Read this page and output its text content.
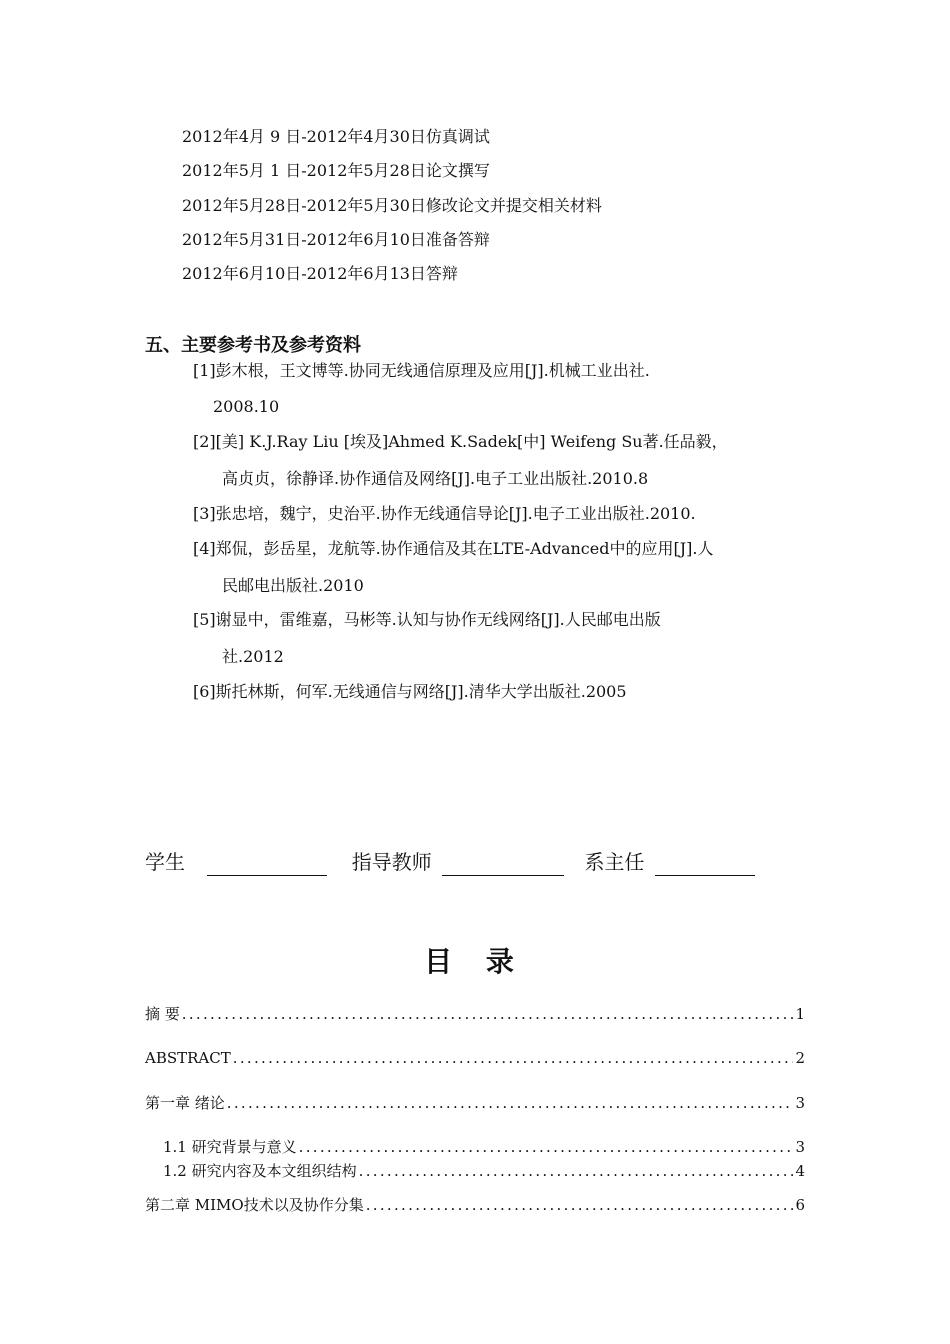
2012年4月 9 日-2012年4月30日仿真调试
2012年5月 1 日-2012年5月28日论文撰写
2012年5月28日-2012年5月30日修改论文并提交相关材料
2012年5月31日-2012年6月10日准备答辩
2012年6月10日-2012年6月13日答辩
五、主要参考书及参考资料
[1]彭木根，王文博等.协同无线通信原理及应用[J].机械工业出社.
2008.10
[2][美] K.J.Ray Liu [埃及]Ahmed K.Sadek[中] Weifeng Su著.任品毅，
高贞贞，徐静译.协作通信及网络[J].电子工业出版社.2010.8
[3]张忠培，魏宁，史治平.协作无线通信导论[J].电子工业出版社.2010.
[4]郑侃，彭岳星，龙航等.协作通信及其在LTE-Advanced中的应用[J].人
民邮电出版社.2010
[5]谢显中，雷维嘉，马彬等.认知与协作无线网络[J].人民邮电出版
社.2012
[6]斯托林斯，何军.无线通信与网络[J].清华大学出版社.2005
学生	指导教师	系主任
目 录
摘 要 .....	1
ABSTRACT .....	2
第一章 绪论 .....	3
1.1 研究背景与意义 .....	3
1.2 研究内容及本文组织结构 .....	4
第二章 MIMO技术以及协作分集 .....	6
